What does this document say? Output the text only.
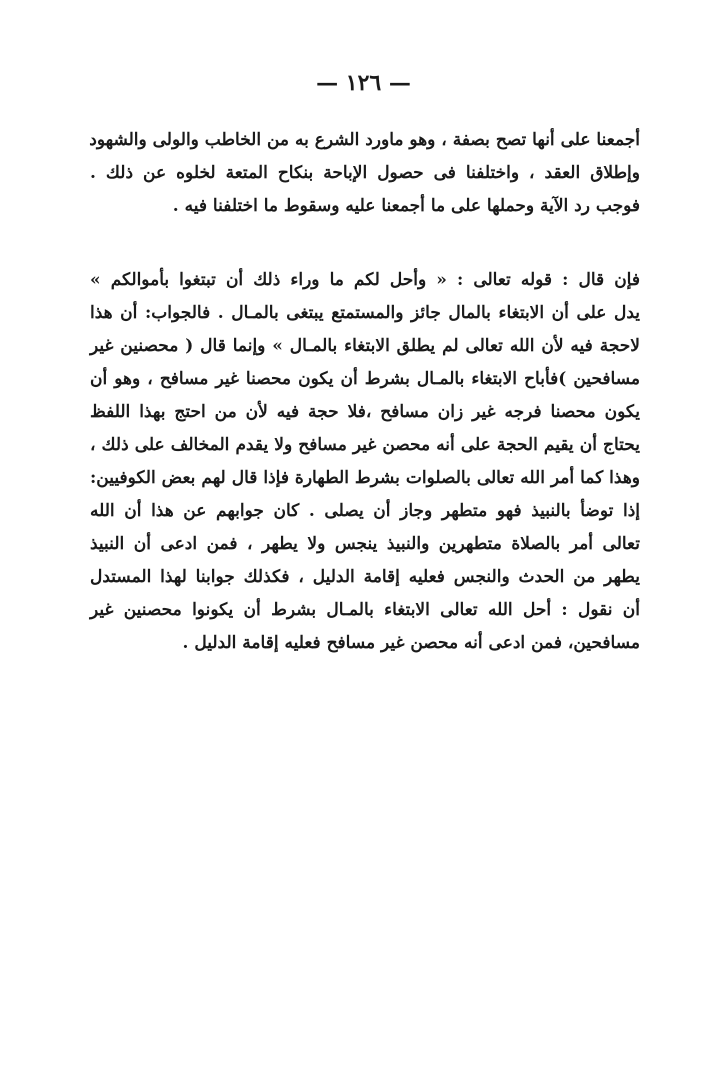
— ١٢٦ —
أجمعنا على أنها تصح بصفة ، وهو ماورد الشرع به من الخاطب والولى والشهود
وإطلاق العقد ، واختلفنا فى حصول الإباحة بنكاح المتعة لخلوه عن ذلك .
فوجب رد الآية وحملها على ما أجمعنا عليه وسقوط ما اختلفنا فيه .
فإن قال : قوله تعالى : « وأحل لكم ما وراء ذلك أن تبتغوا بأموالكم »
يدل على أن الابتغاء بالمال جائز والمستمتع يبتغى بالمـال . فالجواب: أن هذا
لاحجة فيه لأن الله تعالى لم يطلق الابتغاء بالمـال » وإنما قال ( محصنين غير
مسافحين )فأباح الابتغاء بالمـال بشرط أن يكون محصنا غير مسافح ، وهو أن
يكون محصنا فرجه غير زان مسافح ،فلا حجة فيه لأن من احتج بهذا اللفظ
يحتاج أن يقيم الحجة على أنه محصن غير مسافح ولا يقدم المخالف على ذلك ،
وهذا كما أمر الله تعالى بالصلوات بشرط الطهارة فإذا قال لهم بعض الكوفيين:
إذا توضأ بالنبيذ فهو متطهر وجاز أن يصلى . كان جوابهم عن هذا أن الله
تعالى أمر بالصلاة متطهرين والنبيذ ينجس ولا يطهر ، فمن ادعى أن النبيذ
يطهر من الحدث والنجس فعليه إقامة الدليل ، فكذلك جوابنا لهذا المستدل
أن نقول : أحل الله تعالى الابتغاء بالمـال بشرط أن يكونوا محصنين غير
مسافحين، فمن ادعى أنه محصن غير مسافح فعليه إقامة الدليل .
